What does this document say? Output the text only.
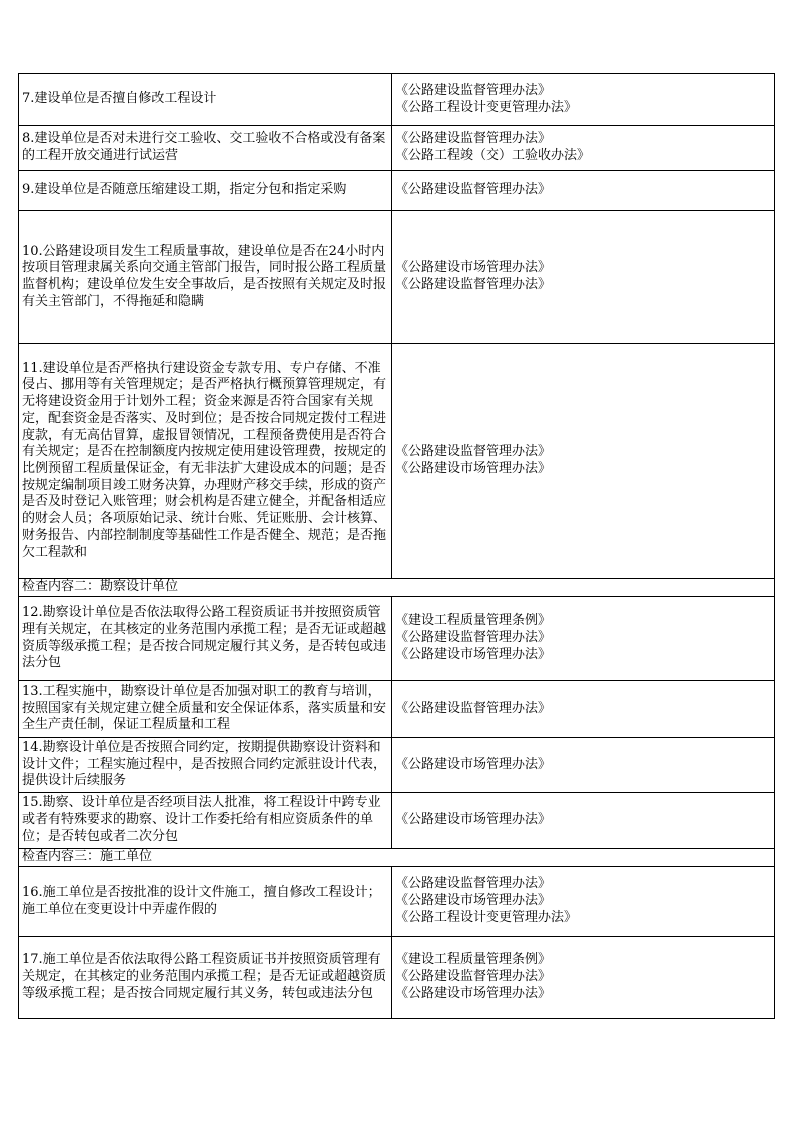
7.建设单位是否擅自修改工程设计	《公路建设监督管理办法》
《公路工程设计变更管理办法》

8.建设单位是否对未进行交工验收、交工验收不合格或没有备案的工程开放交通进行试运营	《公路建设监督管理办法》
《公路工程竣（交）工验收办法》

9.建设单位是否随意压缩建设工期，指定分包和指定采购	《公路建设监督管理办法》

10.公路建设项目发生工程质量事故，建设单位是否在24小时内按项目管理隶属关系向交通主管部门报告，同时报公路工程质量监督机构；建设单位发生安全事故后，是否按照有关规定及时报有关主管部门，不得拖延和隐瞒	《公路建设市场管理办法》
《公路建设监督管理办法》

11.建设单位是否严格执行建设资金专款专用、专户存储、不准侵占、挪用等有关管理规定；是否严格执行概预算管理规定，有无将建设资金用于计划外工程；资金来源是否符合国家有关规定，配套资金是否落实、及时到位；是否按合同规定拨付工程进度款，有无高估冒算，虚报冒领情况，工程预备费使用是否符合有关规定；是否在控制额度内按规定使用建设管理费，按规定的比例预留工程质量保证金，有无非法扩大建设成本的问题；是否按规定编制项目竣工财务决算，办理财产移交手续，形成的资产是否及时登记入账管理；财会机构是否建立健全，并配备相适应的财会人员；各项原始记录、统计台账、凭证账册、会计核算、财务报告、内部控制制度等基础性工作是否健全、规范；是否拖欠工程款和	《公路建设监督管理办法》
《公路建设市场管理办法》

检查内容二：勘察设计单位	
12.勘察设计单位是否依法取得公路工程资质证书并按照资质管理有关规定，在其核定的业务范围内承揽工程；是否无证或超越资质等级承揽工程；是否按合同规定履行其义务，是否转包或违法分包	《建设工程质量管理条例》
《公路建设监督管理办法》
《公路建设市场管理办法》

13.工程实施中，勘察设计单位是否加强对职工的教育与培训，按照国家有关规定建立健全质量和安全保证体系，落实质量和安全生产责任制，保证工程质量和工程	《公路建设监督管理办法》

14.勘察设计单位是否按照合同约定，按期提供勘察设计资料和设计文件；工程实施过程中，是否按照合同约定派驻设计代表，提供设计后续服务	《公路建设市场管理办法》

15.勘察、设计单位是否经项目法人批准，将工程设计中跨专业或者有特殊要求的勘察、设计工作委托给有相应资质条件的单位；是否转包或者二次分包	《公路建设市场管理办法》

检查内容三：施工单位	
16.施工单位是否按批准的设计文件施工，擅自修改工程设计；施工单位在变更设计中弄虚作假的	《公路建设监督管理办法》
《公路建设市场管理办法》
《公路工程设计变更管理办法》

17.施工单位是否依法取得公路工程资质证书并按照资质管理有关规定，在其核定的业务范围内承揽工程；是否无证或超越资质等级承揽工程；是否按合同规定履行其义务，转包或违法分包	《建设工程质量管理条例》
《公路建设监督管理办法》
《公路建设市场管理办法》
